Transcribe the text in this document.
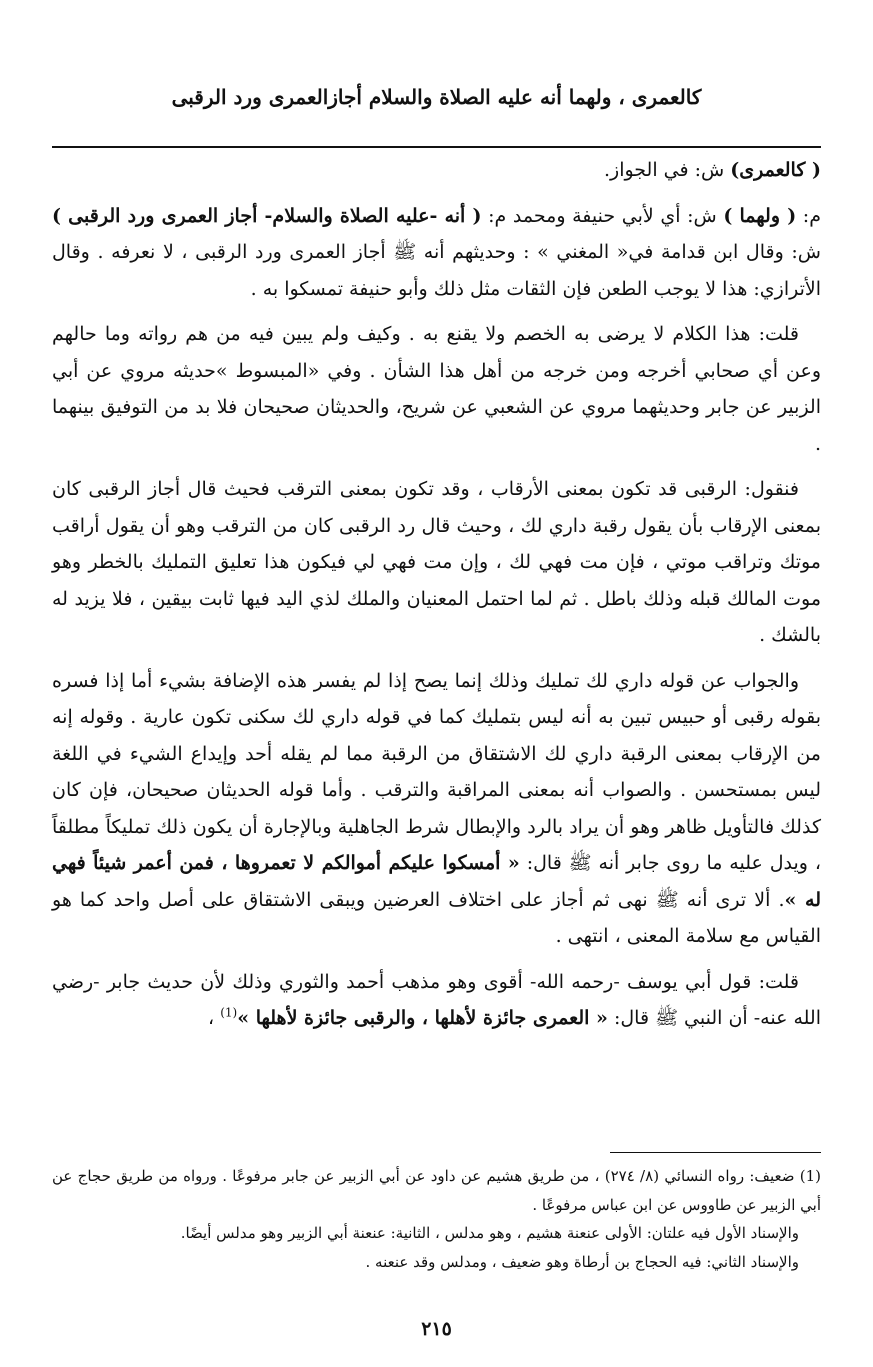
كالعمرى ، ولهما أنه عليه الصلاة والسلام أجازالعمرى ورد الرقبى

( كالعمرى) ش: في الجواز.

م: ( ولهما ) ش: أي لأبي حنيفة ومحمد م: ( أنه -عليه الصلاة والسلام- أجاز العمرى ورد الرقبى ) ش: وقال ابن قدامة في« المغني » : وحديثهم أنه ﷺ أجاز العمرى ورد الرقبى ، لا نعرفه . وقال الأترازي: هذا لا يوجب الطعن فإن الثقات مثل ذلك وأبو حنيفة تمسكوا به .

قلت: هذا الكلام لا يرضى به الخصم ولا يقنع به . وكيف ولم يبين فيه من هم رواته وما حالهم وعن أي صحابي أخرجه ومن خرجه من أهل هذا الشأن . وفي «المبسوط »حديثه مروي عن أبي الزبير عن جابر وحديثهما مروي عن الشعبي عن شريح، والحديثان صحيحان فلا بد من التوفيق بينهما .

فنقول: الرقبى قد تكون بمعنى الأرقاب ، وقد تكون بمعنى الترقب فحيث قال أجاز الرقبى كان بمعنى الإرقاب بأن يقول رقبة داري لك ، وحيث قال رد الرقبى كان من الترقب وهو أن يقول أراقب موتك وتراقب موتي ، فإن مت فهي لك ، وإن مت فهي لي فيكون هذا تعليق التمليك بالخطر وهو موت المالك قبله وذلك باطل . ثم لما احتمل المعنيان والملك لذي اليد فيها ثابت بيقين ، فلا يزيد له بالشك .

والجواب عن قوله داري لك تمليك وذلك إنما يصح إذا لم يفسر هذه الإضافة بشيء أما إذا فسره بقوله رقبى أو حبيس تبين به أنه ليس بتمليك كما في قوله داري لك سكنى تكون عارية . وقوله إنه من الإرقاب بمعنى الرقبة داري لك الاشتقاق من الرقبة مما لم يقله أحد وإيداع الشيء في اللغة ليس بمستحسن . والصواب أنه بمعنى المراقبة والترقب . وأما قوله الحديثان صحيحان، فإن كان كذلك فالتأويل ظاهر وهو أن يراد بالرد والإبطال شرط الجاهلية وبالإجارة أن يكون ذلك تمليكاً مطلقاً ، ويدل عليه ما روى جابر أنه ﷺ قال: « أمسكوا عليكم أموالكم لا تعمروها ، فمن أعمر شيئاً فهي له ». ألا ترى أنه ﷺ نهى ثم أجاز على اختلاف العرضين ويبقى الاشتقاق على أصل واحد كما هو القياس مع سلامة المعنى ، انتهى .

قلت: قول أبي يوسف -رحمه الله- أقوى وهو مذهب أحمد والثوري وذلك لأن حديث جابر -رضي الله عنه- أن النبي ﷺ قال: « العمرى جائزة لأهلها ، والرقبى جائزة لأهلها »$^{(1)}$ ،

(1) ضعيف: رواه النسائي (٨/ ٢٧٤) ، من طريق هشيم عن داود عن أبي الزبير عن جابر مرفوعًا . ورواه من طريق حجاج عن أبي الزبير عن طاووس عن ابن عباس مرفوعًا .

والإسناد الأول فيه علتان: الأولى عنعنة هشيم ، وهو مدلس ، الثانية: عنعنة أبي الزبير وهو مدلس أيضًا.

والإسناد الثاني: فيه الحجاج بن أرطاة وهو ضعيف ، ومدلس وقد عنعنه .

٢١٥
